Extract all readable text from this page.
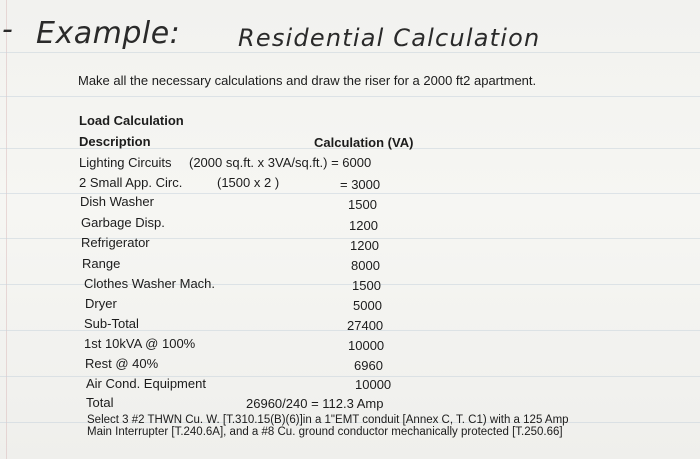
- Example: Residential Calculation
Make all the necessary calculations and draw the riser for a 2000 ft2 apartment.
Load Calculation
Description	Calculation (VA)
Lighting Circuits (2000 sq.ft. x 3VA/sq.ft.) = 6000
2 Small App. Circ.	(1500 x 2 )	= 3000
Dish Washer	1500
Garbage Disp.	1200
Refrigerator	1200
Range	8000
Clothes Washer Mach.	1500
Dryer	5000
Sub-Total	27400
1st 10kVA @ 100%	10000
Rest @ 40%	6960
Air Cond. Equipment	10000
Total	26960/240 = 112.3 Amp
Select 3 #2 THWN Cu. W. [T.310.15(B)(6)]in a 1"EMT conduit [Annex C, T. C1) with a 125 Amp
Main Interrupter [T.240.6A], and a #8 Cu. ground conductor mechanically protected [T.250.66]
